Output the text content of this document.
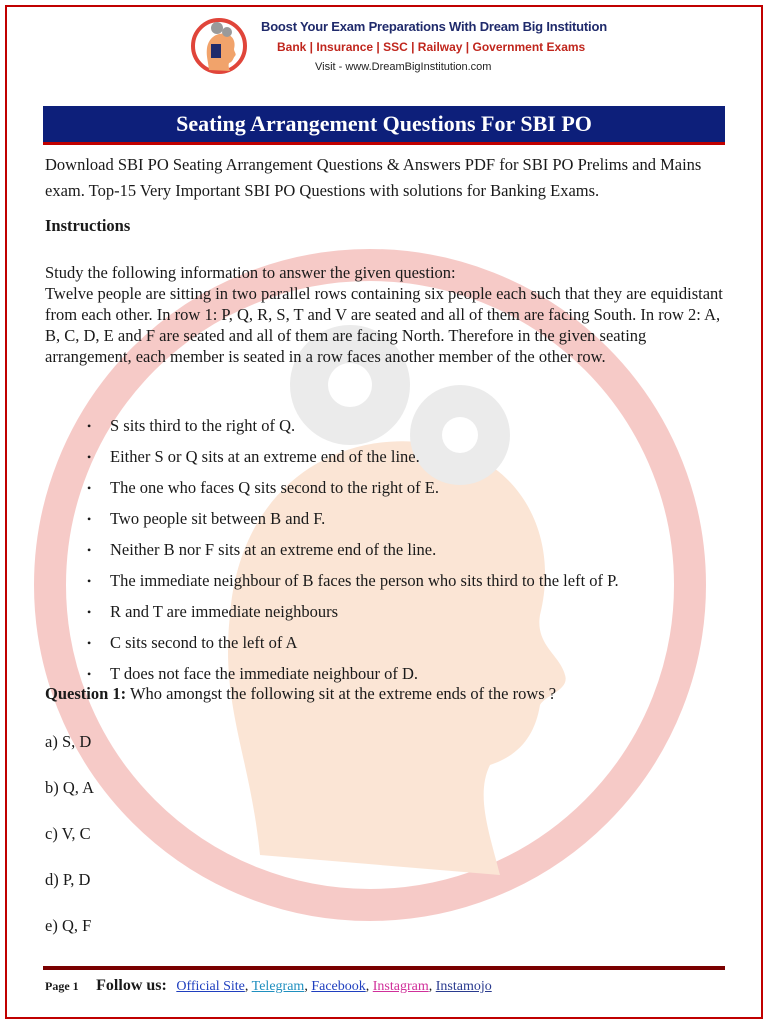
Boost Your Exam Preparations With Dream Big Institution
Bank | Insurance | SSC | Railway | Government Exams
Visit - www.DreamBigInstitution.com
Seating Arrangement Questions For SBI PO

Download SBI PO Seating Arrangement Questions & Answers PDF for SBI PO Prelims and Mains exam. Top-15 Very Important SBI PO Questions with solutions for Banking Exams.

Instructions

Study the following information to answer the given question:

Twelve people are sitting in two parallel rows containing six people each such that they are equidistant from each other. In row 1: P, Q, R, S, T and V are seated and all of them are facing South. In row 2: A, B, C, D, E and F are seated and all of them are facing North. Therefore in the given seating arrangement, each member is seated in a row faces another member of the other row.

• S sits third to the right of Q.
• Either S or Q sits at an extreme end of the line.
• The one who faces Q sits second to the right of E.
• Two people sit between B and F.
• Neither B nor F sits at an extreme end of the line.
• The immediate neighbour of B faces the person who sits third to the left of P.
• R and T are immediate neighbours
• C sits second to the left of A
• T does not face the immediate neighbour of D.
Question 1: Who amongst the following sit at the extreme ends of the rows ?
a) S, D
b) Q, A
c) V, C
d) P, D
e) Q, F
Page 1 Follow us: Official Site, Telegram, Facebook, Instagram, Instamojo
